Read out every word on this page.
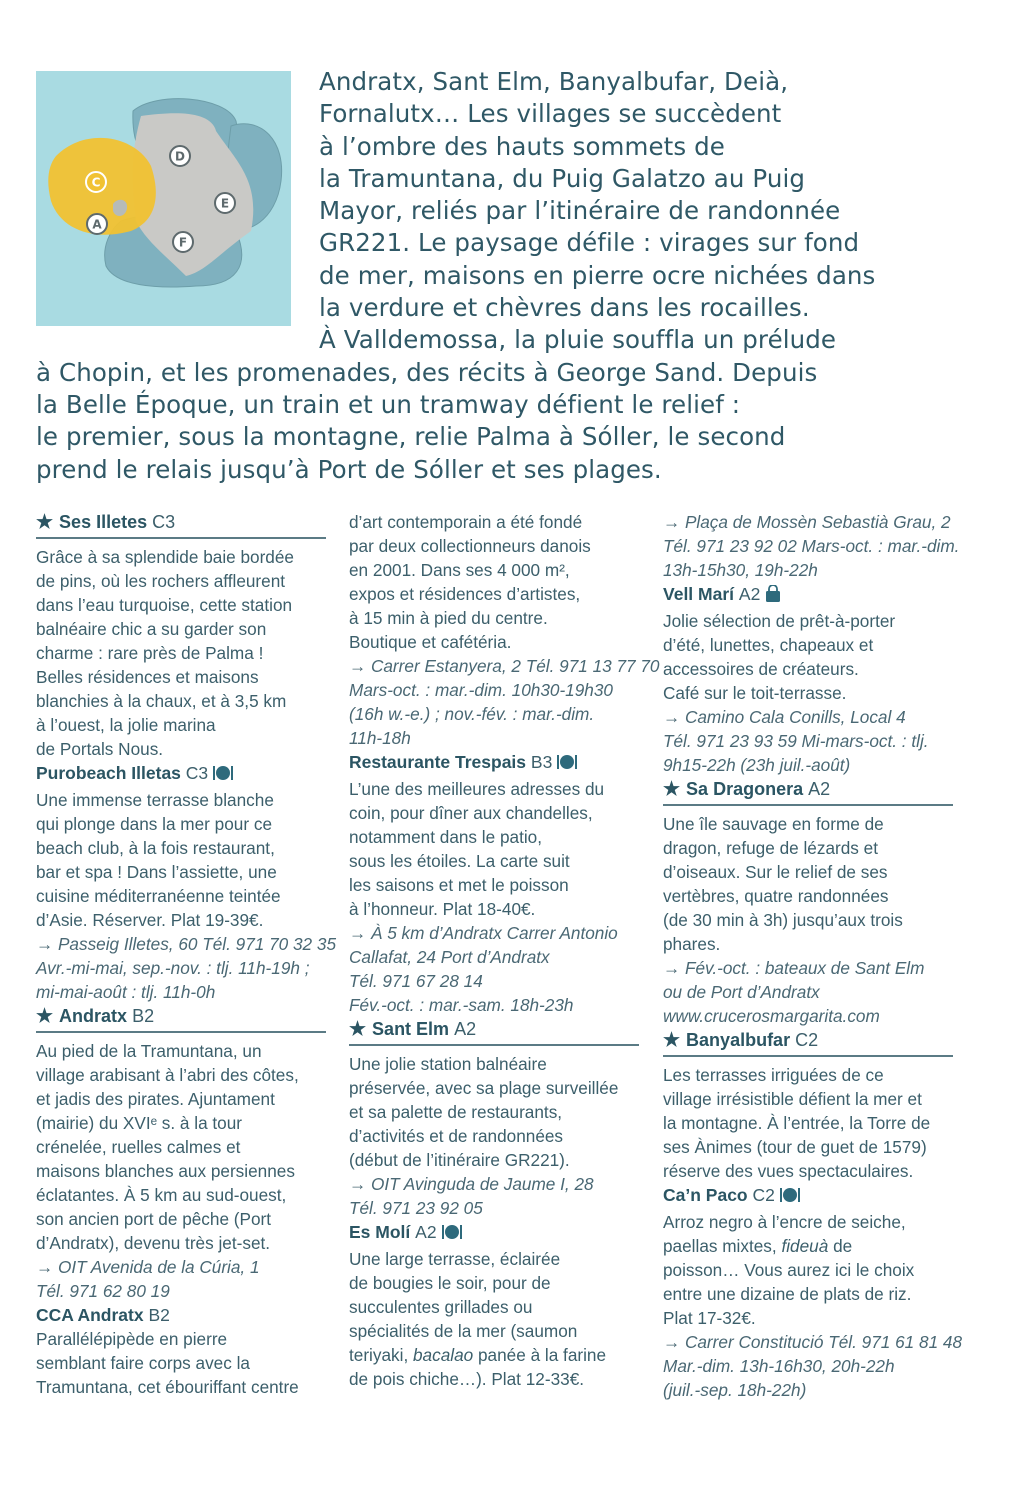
C
A
D
E
F
Andratx, Sant Elm, Banyalbufar, Deià,
Fornalutx… Les villages se succèdent
à l’ombre des hauts sommets de
la Tramuntana, du Puig Galatzo au Puig
Mayor, reliés par l’itinéraire de randonnée
GR221. Le paysage défile : virages sur fond
de mer, maisons en pierre ocre nichées dans
la verdure et chèvres dans les rocailles.
À Valldemossa, la pluie souffla un prélude
à Chopin, et les promenades, des récits à George Sand. Depuis
la Belle Époque, un train et un tramway défient le relief :
le premier, sous la montagne, relie Palma à Sóller, le second
prend le relais jusqu’à Port de Sóller et ses plages.
★ Ses Illetes C3
Grâce à sa splendide baie bordée
de pins, où les rochers affleurent
dans l’eau turquoise, cette station
balnéaire chic a su garder son
charme : rare près de Palma !
Belles résidences et maisons
blanchies à la chaux, et à 3,5 km
à l’ouest, la jolie marina
de Portals Nous.
Purobeach Illetas C3
Une immense terrasse blanche
qui plonge dans la mer pour ce
beach club, à la fois restaurant,
bar et spa ! Dans l’assiette, une
cuisine méditerranéenne teintée
d’Asie. Réserver. Plat 19-39€.
→ Passeig Illetes, 60 Tél. 971 70 32 35
Avr.-mi-mai, sep.-nov. : tlj. 11h-19h ;
mi-mai-août : tlj. 11h-0h
★ Andratx B2
Au pied de la Tramuntana, un
village arabisant à l’abri des côtes,
et jadis des pirates. Ajuntament
(mairie) du XVIᵉ s. à la tour
crénelée, ruelles calmes et
maisons blanches aux persiennes
éclatantes. À 5 km au sud-ouest,
son ancien port de pêche (Port
d’Andratx), devenu très jet-set.
→ OIT Avenida de la Cúria, 1
Tél. 971 62 80 19
CCA Andratx B2
Parallélépipède en pierre
semblant faire corps avec la
Tramuntana, cet ébouriffant centre
d’art contemporain a été fondé
par deux collectionneurs danois
en 2001. Dans ses 4 000 m²,
expos et résidences d’artistes,
à 15 min à pied du centre.
Boutique et cafétéria.
→ Carrer Estanyera, 2 Tél. 971 13 77 70
Mars-oct. : mar.-dim. 10h30-19h30
(16h w.-e.) ; nov.-fév. : mar.-dim.
11h-18h
Restaurante Trespais B3
L’une des meilleures adresses du
coin, pour dîner aux chandelles,
notamment dans le patio,
sous les étoiles. La carte suit
les saisons et met le poisson
à l’honneur. Plat 18-40€.
→ À 5 km d’Andratx Carrer Antonio
Callafat, 24 Port d’Andratx
Tél. 971 67 28 14
Fév.-oct. : mar.-sam. 18h-23h
★ Sant Elm A2
Une jolie station balnéaire
préservée, avec sa plage surveillée
et sa palette de restaurants,
d’activités et de randonnées
(début de l’itinéraire GR221).
→ OIT Avinguda de Jaume I, 28
Tél. 971 23 92 05
Es Molí A2
Une large terrasse, éclairée
de bougies le soir, pour de
succulentes grillades ou
spécialités de la mer (saumon
teriyaki, bacalao panée à la farine
de pois chiche…). Plat 12-33€.
→ Plaça de Mossèn Sebastià Grau, 2
Tél. 971 23 92 02 Mars-oct. : mar.-dim.
13h-15h30, 19h-22h
Vell Marí A2
Jolie sélection de prêt-à-porter
d’été, lunettes, chapeaux et
accessoires de créateurs.
Café sur le toit-terrasse.
→ Camino Cala Conills, Local 4
Tél. 971 23 93 59 Mi-mars-oct. : tlj.
9h15-22h (23h juil.-août)
★ Sa Dragonera A2
Une île sauvage en forme de
dragon, refuge de lézards et
d’oiseaux. Sur le relief de ses
vertèbres, quatre randonnées
(de 30 min à 3h) jusqu’aux trois
phares.
→ Fév.-oct. : bateaux de Sant Elm
ou de Port d’Andratx
www.crucerosmargarita.com
★ Banyalbufar C2
Les terrasses irriguées de ce
village irrésistible défient la mer et
la montagne. À l’entrée, la Torre de
ses Ànimes (tour de guet de 1579)
réserve des vues spectaculaires.
Ca’n Paco C2
Arroz negro à l’encre de seiche,
paellas mixtes, fideuà de
poisson… Vous aurez ici le choix
entre une dizaine de plats de riz.
Plat 17-32€.
→ Carrer Constitució Tél. 971 61 81 48
Mar.-dim. 13h-16h30, 20h-22h
(juil.-sep. 18h-22h)
